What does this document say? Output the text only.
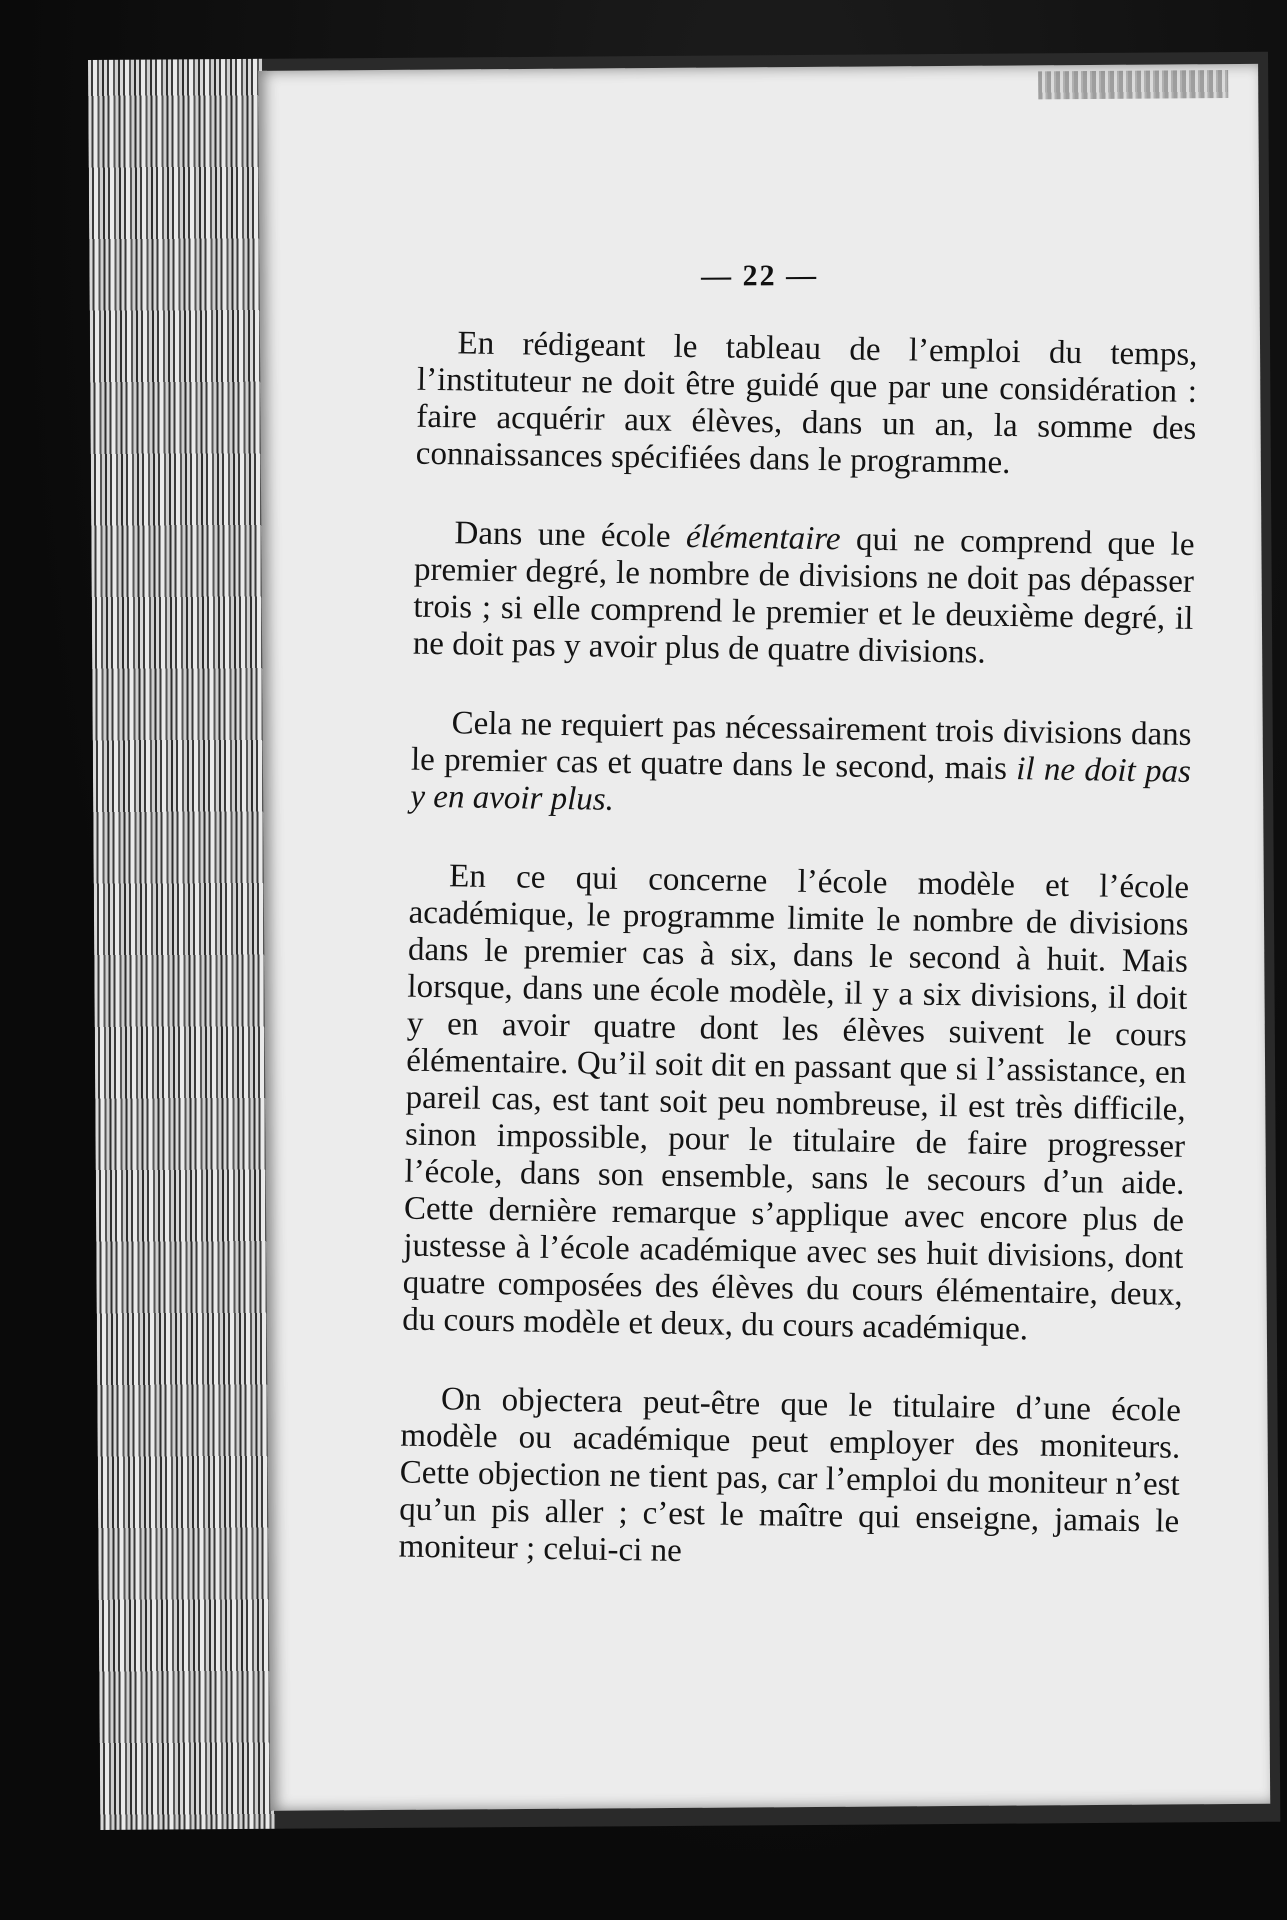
— 22 —

En rédigeant le tableau de l’emploi du temps, l’instituteur ne doit être guidé que par une considération : faire acquérir aux élèves, dans un an, la somme des connaissances spécifiées dans le programme.

Dans une école élémentaire qui ne comprend que le premier degré, le nombre de divisions ne doit pas dépasser trois ; si elle comprend le premier et le deuxième degré, il ne doit pas y avoir plus de quatre divisions.

Cela ne requiert pas nécessairement trois divisions dans le premier cas et quatre dans le second, mais il ne doit pas y en avoir plus.

En ce qui concerne l’école modèle et l’école académique, le programme limite le nombre de divisions dans le premier cas à six, dans le second à huit. Mais lorsque, dans une école modèle, il y a six divisions, il doit y en avoir quatre dont les élèves suivent le cours élémentaire. Qu’il soit dit en passant que si l’assistance, en pareil cas, est tant soit peu nombreuse, il est très difficile, sinon impossible, pour le titulaire de faire progresser l’école, dans son ensemble, sans le secours d’un aide. Cette dernière remarque s’applique avec encore plus de justesse à l’école académique avec ses huit divisions, dont quatre composées des élèves du cours élémentaire, deux, du cours modèle et deux, du cours académique.

On objectera peut-être que le titulaire d’une école modèle ou académique peut employer des moniteurs. Cette objection ne tient pas, car l’emploi du moniteur n’est qu’un pis aller ; c’est le maître qui enseigne, jamais le moniteur ; celui-ci ne
